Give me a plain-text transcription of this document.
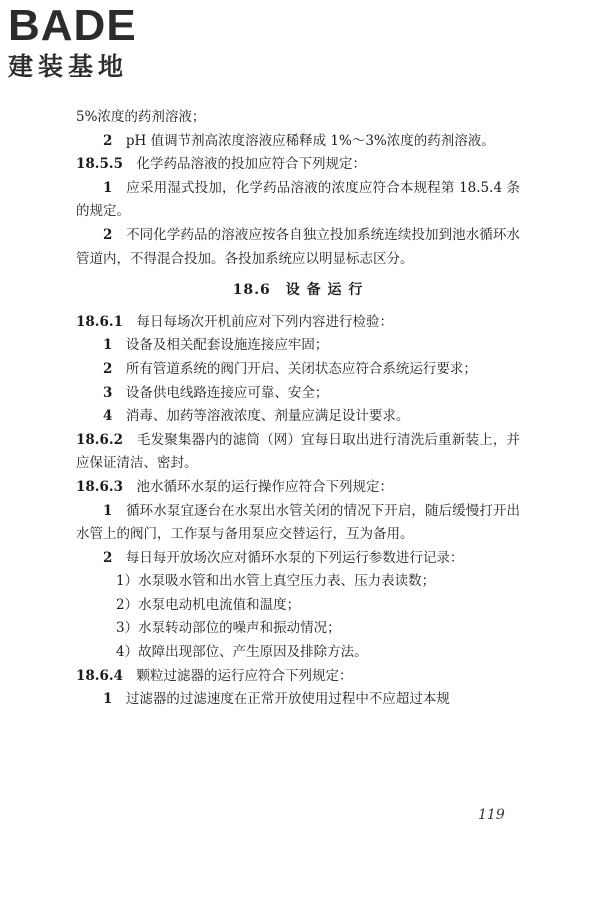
BADE
建装基地

5%浓度的药剂溶液；

2　 pH 值调节剂高浓度溶液应稀释成 1%～3%浓度的药剂溶液。

18.5.5　 化学药品溶液的投加应符合下列规定：

1　 应采用湿式投加，化学药品溶液的浓度应符合本规程第 18.5.4 条的规定。

2　 不同化学药品的溶液应按各自独立投加系统连续投加到池水循环水管道内，不得混合投加。各投加系统应以明显标志区分。

18.6　设 备 运 行

18.6.1　 每日每场次开机前应对下列内容进行检验：

1　 设备及相关配套设施连接应牢固；

2　 所有管道系统的阀门开启、关闭状态应符合系统运行要求；

3　 设备供电线路连接应可靠、安全；

4　 消毒、加药等溶液浓度、剂量应满足设计要求。

18.6.2　 毛发聚集器内的滤筒（网）宜每日取出进行清洗后重新装上，并应保证清洁、密封。

18.6.3　 池水循环水泵的运行操作应符合下列规定：

1　 循环水泵宜逐台在水泵出水管关闭的情况下开启，随后缓慢打开出水管上的阀门，工作泵与备用泵应交替运行，互为备用。

2　 每日每开放场次应对循环水泵的下列运行参数进行记录：

1）水泵吸水管和出水管上真空压力表、压力表读数；

2）水泵电动机电流值和温度；

3）水泵转动部位的噪声和振动情况；

4）故障出现部位、产生原因及排除方法。

18.6.4　 颗粒过滤器的运行应符合下列规定：

1　 过滤器的过滤速度在正常开放使用过程中不应超过本规

119
